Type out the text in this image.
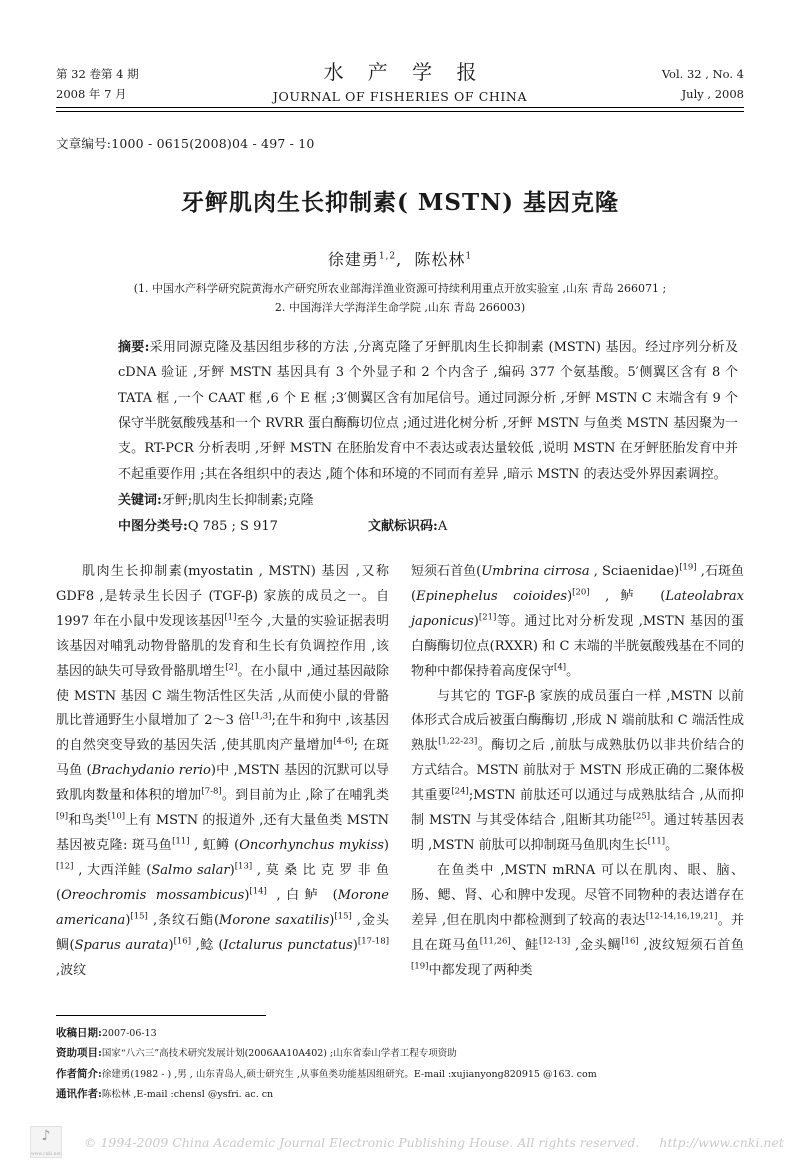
第 32 卷第 4 期
2008 年 7 月
水 产 学 报
JOURNAL OF FISHERIES OF CHINA
Vol. 32 , No. 4
July , 2008
文章编号:1000 - 0615(2008)04 - 497 - 10
牙鲆肌肉生长抑制素( MSTN) 基因克隆
徐建勇$^{1,2}$, 陈松林$^1$
(1. 中国水产科学研究院黄海水产研究所农业部海洋渔业资源可持续利用重点开放实验室 ,山东 青岛 266071 ;
2. 中国海洋大学海洋生命学院 ,山东 青岛 266003)
摘要:采用同源克隆及基因组步移的方法 ,分离克隆了牙鲆肌肉生长抑制素 (MSTN) 基因。经过序列分析及 cDNA 验证 ,牙鲆 MSTN 基因具有 3 个外显子和 2 个内含子 ,编码 377 个氨基酸。5′侧翼区含有 8 个 TATA 框 ,一个 CAAT 框 ,6 个 E 框 ;3′侧翼区含有加尾信号。通过同源分析 ,牙鲆 MSTN C 末端含有 9 个保守半胱氨酸残基和一个 RVRR 蛋白酶酶切位点 ;通过进化树分析 ,牙鲆 MSTN 与鱼类 MSTN 基因聚为一支。RT-PCR 分析表明 ,牙鲆 MSTN 在胚胎发育中不表达或表达量较低 ,说明 MSTN 在牙鲆胚胎发育中并不起重要作用 ;其在各组织中的表达 ,随个体和环境的不同而有差异 ,暗示 MSTN 的表达受外界因素调控。
关键词:牙鲆;肌肉生长抑制素;克隆
中图分类号:Q 785 ; S 917	文献标识码:A

肌肉生长抑制素(myostatin , MSTN) 基因 ,又称 GDF8 ,是转录生长因子 (TGF-β) 家族的成员之一。自 1997 年在小鼠中发现该基因[1]至今 ,大量的实验证据表明该基因对哺乳动物骨骼肌的发育和生长有负调控作用 ,该基因的缺失可导致骨骼肌增生[2]。在小鼠中 ,通过基因敲除使 MSTN 基因 C 端生物活性区失活 ,从而使小鼠的骨骼肌比普通野生小鼠增加了 2～3 倍[1,3];在牛和狗中 ,该基因的自然突变导致的基因失活 ,使其肌肉产量增加[4-6]; 在斑马鱼 (Brachydanio rerio)中 ,MSTN 基因的沉默可以导致肌肉数量和体积的增加[7-8]。到目前为止 ,除了在哺乳类[9]和鸟类[10]上有 MSTN 的报道外 ,还有大量鱼类 MSTN 基因被克隆: 斑马鱼[11] , 虹鳟 (Oncorhynchus mykiss)[12] , 大西洋鲑 (Salmo salar)[13] , 莫 桑 比 克 罗 非 鱼 (Oreochromis mossambicus)[14] ,白鲈 (Morone americana)[15] ,条纹石鮨(Morone saxatilis)[15] ,金头鲷(Sparus aurata)[16] ,鲶 (Ictalurus punctatus)[17-18] ,波纹

短须石首鱼(Umbrina cirrosa , Sciaenidae)[19] ,石斑鱼 (Epinephelus coioides)[20] ,鲈 (Lateolabrax japonicus)[21]等。通过比对分析发现 ,MSTN 基因的蛋白酶酶切位点(RXXR) 和 C 末端的半胱氨酸残基在不同的物种中都保持着高度保守[4]。

与其它的 TGF-β 家族的成员蛋白一样 ,MSTN 以前体形式合成后被蛋白酶酶切 ,形成 N 端前肽和 C 端活性成熟肽[1,22-23]。酶切之后 ,前肽与成熟肽仍以非共价结合的方式结合。MSTN 前肽对于 MSTN 形成正确的二聚体极其重要[24];MSTN 前肽还可以通过与成熟肽结合 ,从而抑制 MSTN 与其受体结合 ,阻断其功能[25]。通过转基因表明 ,MSTN 前肽可以抑制斑马鱼肌肉生长[11]。

在鱼类中 ,MSTN mRNA 可以在肌肉、眼、脑、肠、鳃、肾、心和脾中发现。尽管不同物种的表达谱存在差异 ,但在肌肉中都检测到了较高的表达[12-14,16,19,21]。并且在斑马鱼[11,26]、鲑[12-13] ,金头鲷[16] ,波纹短须石首鱼[19]中都发现了两种类

收稿日期:2007-06-13
资助项目:国家“八六三”高技术研究发展计划(2006AA10A402) ;山东省泰山学者工程专项资助
作者简介:徐建勇(1982 - ) ,男 , 山东青岛人,硕士研究生 ,从事鱼类功能基因组研究。E-mail :xujianyong820915 @163. com
通讯作者:陈松林 ,E-mail :chensl @ysfri. ac. cn
♪
www.cnki.net
© 1994-2009 China Academic Journal Electronic Publishing House. All rights reserved. http://www.cnki.net
